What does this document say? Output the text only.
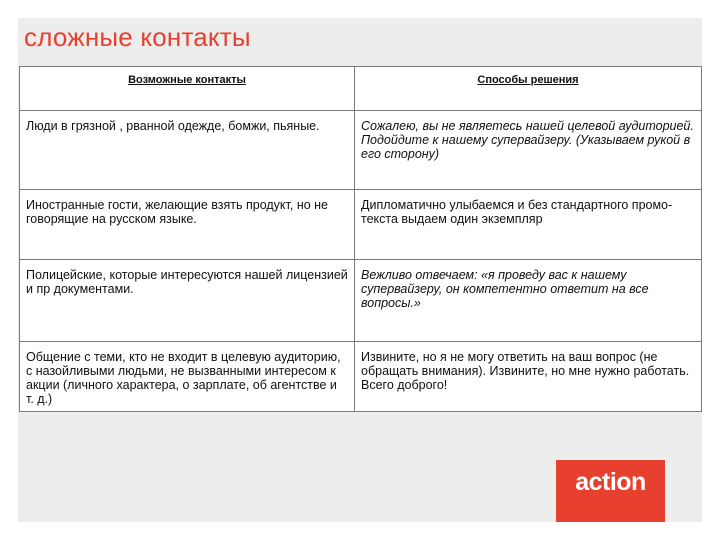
сложные контакты
Возможные контакты	Способы решения
Люди в грязной , рванной одежде, бомжи, пьяные.	Сожалею, вы не являетесь нашей целевой аудиторией. Подойдите к нашему супервайзеру. (Указываем рукой в его сторону)
Иностранные гости, желающие взять продукт, но не говорящие на русском языке.	Дипломатично улыбаемся и без стандартного промо-текста выдаем один экземпляр
Полицейские, которые интересуются нашей лицензией и пр документами.	Вежливо отвечаем: «я проведу вас к нашему супервайзеру, он компетентно ответит на все вопросы.»
Общение с теми, кто не входит в целевую аудиторию, с назойливыми людьми, не вызванными интересом к акции (личного характера, о зарплате, об агентстве и т. д.)	Извините, но я не могу ответить на ваш вопрос (не обращать внимания). Извините, но мне нужно работать. Всего доброго!
action
